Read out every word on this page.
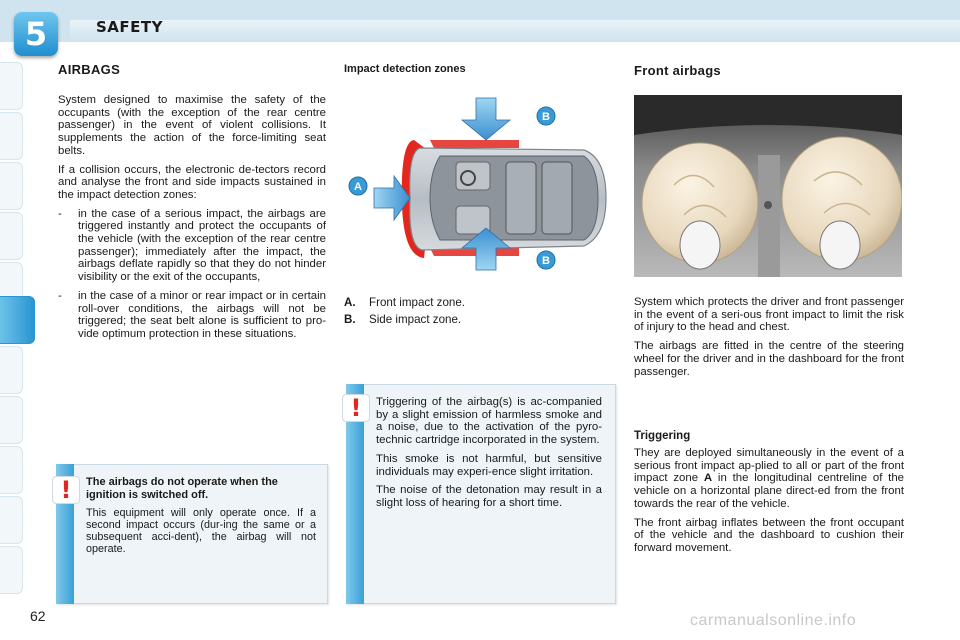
5	SAFETY
AIRBAGS

System designed to maximise the safety of the occupants (with the exception of the rear centre passenger) in the event of violent collisions. It supplements the action of the force-limiting seat belts.

If a collision occurs, the electronic de-tectors record and analyse the front and side impacts sustained in the impact detection zones:

-	in the case of a serious impact, the airbags are triggered instantly and protect the occupants of the vehicle (with the exception of the rear centre passenger); immediately after the impact, the airbags deflate rapidly so that they do not hinder visibility or the exit of the occupants,
-	in the case of a minor or rear impact or in certain roll-over conditions, the airbags will not be triggered; the seat belt alone is sufficient to pro-vide optimum protection in these situations.
!	The airbags do not operate when the ignition is switched off.

This equipment will only operate once. If a second impact occurs (dur-ing the same or a subsequent acci-dent), the airbag will not operate.

Impact detection zones
B
B
A
A. Front impact zone.
B. Side impact zone.
!	Triggering of the airbag(s) is ac-companied by a slight emission of harmless smoke and a noise, due to the activation of the pyro-technic cartridge incorporated in the system.

This smoke is not harmful, but sensitive individuals may experi-ence slight irritation.

The noise of the detonation may result in a slight loss of hearing for a short time.

Front airbags

System which protects the driver and front passenger in the event of a seri-ous front impact to limit the risk of injury to the head and chest.

The airbags are fitted in the centre of the steering wheel for the driver and in the dashboard for the front passenger.

Triggering

They are deployed simultaneously in the event of a serious front impact ap-plied to all or part of the front impact zone A in the longitudinal centreline of the vehicle on a horizontal plane direct-ed from the front towards the rear of the vehicle.

The front airbag inflates between the front occupant of the vehicle and the dashboard to cushion their forward movement.

62	carmanualsonline.info
